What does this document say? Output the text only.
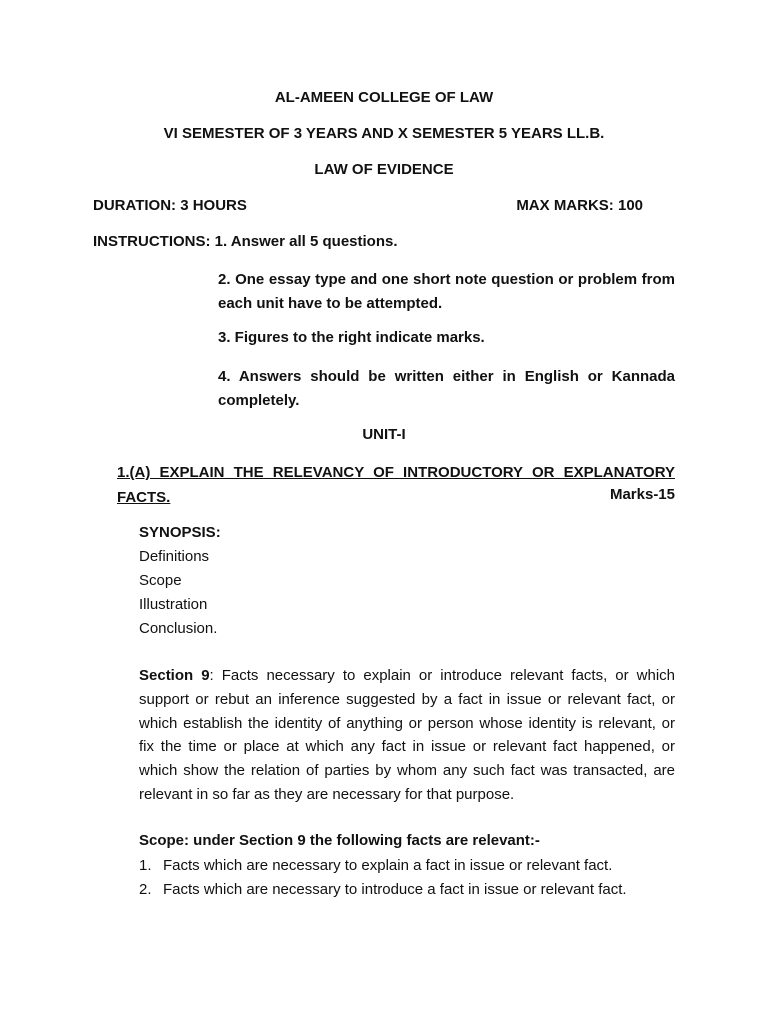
AL-AMEEN COLLEGE OF LAW
VI SEMESTER OF 3 YEARS AND X SEMESTER 5 YEARS LL.B.
LAW OF EVIDENCE
DURATION: 3 HOURS	MAX MARKS: 100
INSTRUCTIONS: 1. Answer all 5 questions.
2. One essay type and one short note question or problem from each unit have to be attempted.
3. Figures to the right indicate marks.
4. Answers should be written either in English or Kannada completely.
UNIT-I
1.(A) EXPLAIN THE RELEVANCY OF INTRODUCTORY OR EXPLANATORY FACTS.	Marks-15
SYNOPSIS:
Definitions
Scope
Illustration
Conclusion.
Section 9: Facts necessary to explain or introduce relevant facts, or which support or rebut an inference suggested by a fact in issue or relevant fact, or which establish the identity of anything or person whose identity is relevant, or fix the time or place at which any fact in issue or relevant fact happened, or which show the relation of parties by whom any such fact was transacted, are relevant in so far as they are necessary for that purpose.
Scope: under Section 9 the following facts are relevant:-
1. Facts which are necessary to explain a fact in issue or relevant fact.
2. Facts which are necessary to introduce a fact in issue or relevant fact.
